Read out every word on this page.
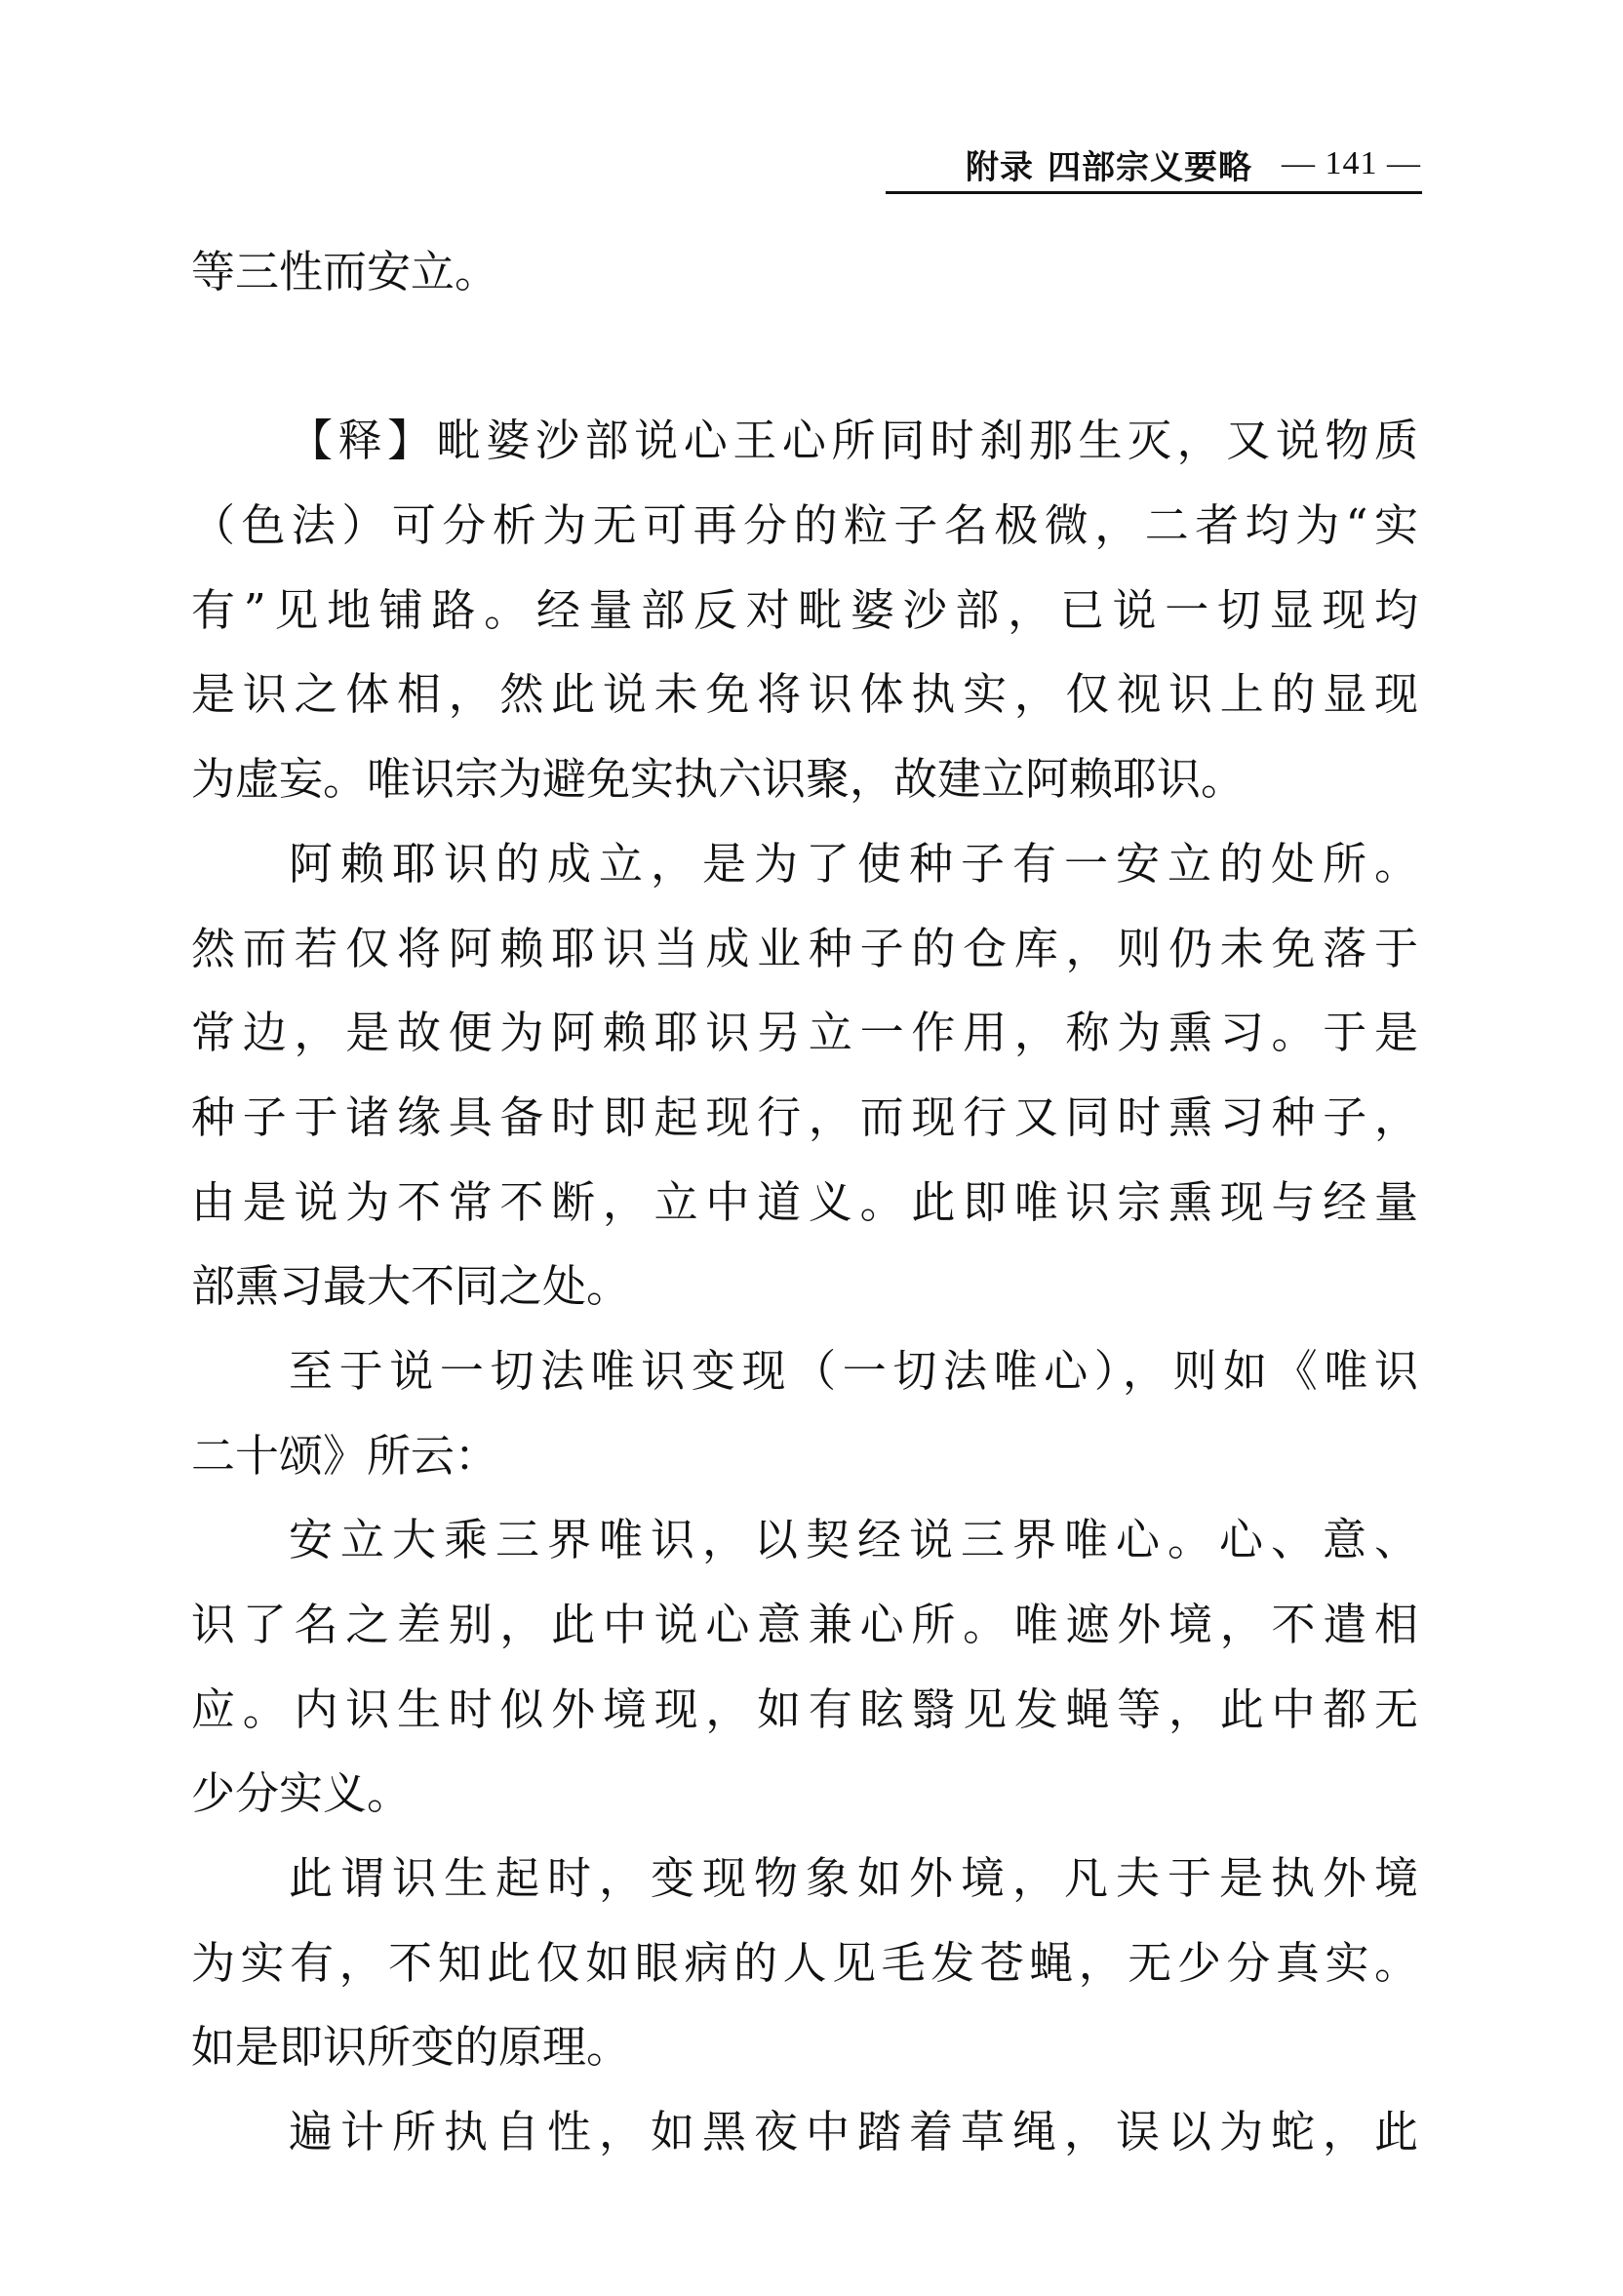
附录 四部宗义要略 — 141 —
等三性而安立。
【释】毗婆沙部说心王心所同时刹那生灭，又说物质
（色法）可分析为无可再分的粒子名极微，二者均为“实
有”见地铺路。经量部反对毗婆沙部，已说一切显现均
是识之体相，然此说未免将识体执实，仅视识上的显现
为虚妄。唯识宗为避免实执六识聚，故建立阿赖耶识。
阿赖耶识的成立，是为了使种子有一安立的处所。
然而若仅将阿赖耶识当成业种子的仓库，则仍未免落于
常边，是故便为阿赖耶识另立一作用，称为熏习。于是
种子于诸缘具备时即起现行，而现行又同时熏习种子，
由是说为不常不断，立中道义。此即唯识宗熏现与经量
部熏习最大不同之处。
至于说一切法唯识变现（一切法唯心），则如《唯识
二十颂》所云：
安立大乘三界唯识，以契经说三界唯心。心、意、
识了名之差别，此中说心意兼心所。唯遮外境，不遣相
应。内识生时似外境现，如有眩翳见发蝇等，此中都无
少分实义。
此谓识生起时，变现物象如外境，凡夫于是执外境
为实有，不知此仅如眼病的人见毛发苍蝇，无少分真实。
如是即识所变的原理。
遍计所执自性，如黑夜中踏着草绳，误以为蛇，此
